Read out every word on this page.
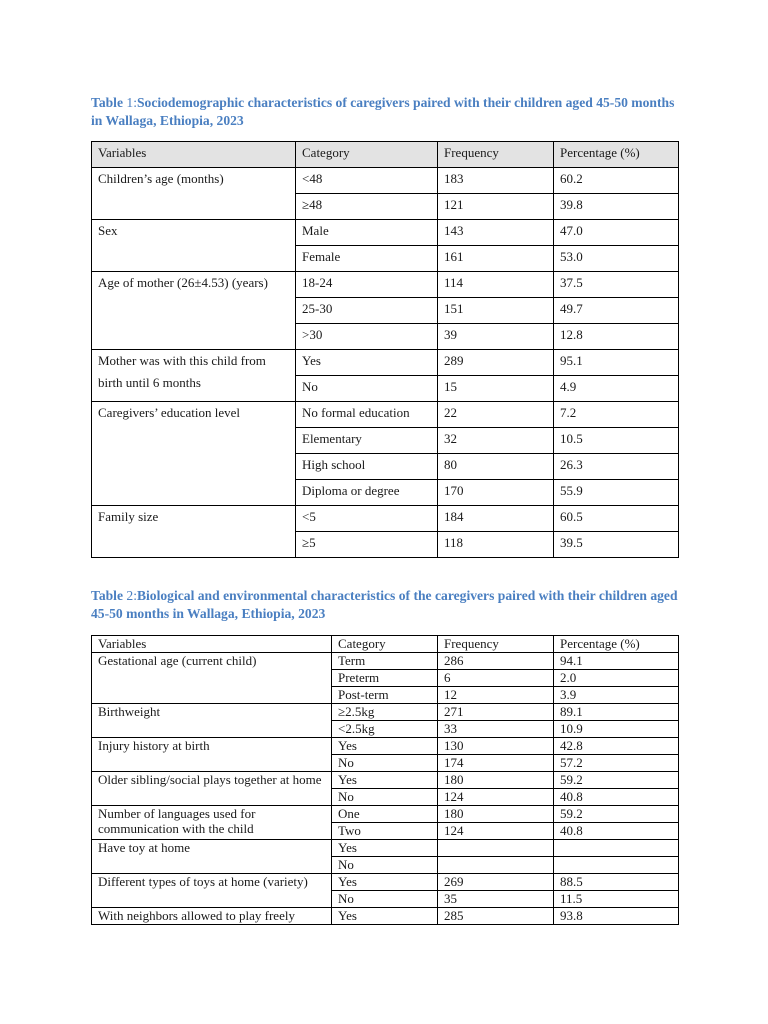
Table 1:Sociodemographic characteristics of caregivers paired with their children aged 45-50 months in Wallaga, Ethiopia, 2023
Variables	Category	Frequency	Percentage (%)
Children’s age (months)	<48	183	60.2
	≥48	121	39.8
Sex	Male	143	47.0
	Female	161	53.0
Age of mother (26±4.53) (years)	18-24	114	37.5
	25-30	151	49.7
	>30	39	12.8
Mother was with this child from birth until 6 months	Yes	289	95.1
	No	15	4.9
Caregivers’ education level	No formal education	22	7.2
	Elementary	32	10.5
	High school	80	26.3
	Diploma or degree	170	55.9
Family size	<5	184	60.5
	≥5	118	39.5
Table 2:Biological and environmental characteristics of the caregivers paired with their children aged 45-50 months in Wallaga, Ethiopia, 2023
Variables	Category	Frequency	Percentage (%)
Gestational age (current child)	Term	286	94.1
	Preterm	6	2.0
	Post-term	12	3.9
Birthweight	≥2.5kg	271	89.1
	<2.5kg	33	10.9
Injury history at birth	Yes	130	42.8
	No	174	57.2
Older sibling/social plays together at home	Yes	180	59.2
	No	124	40.8
Number of languages used for communication with the child	One	180	59.2
	Two	124	40.8
Have toy at home	Yes		
	No		
Different types of toys at home (variety)	Yes	269	88.5
	No	35	11.5
With neighbors allowed to play freely	Yes	285	93.8
